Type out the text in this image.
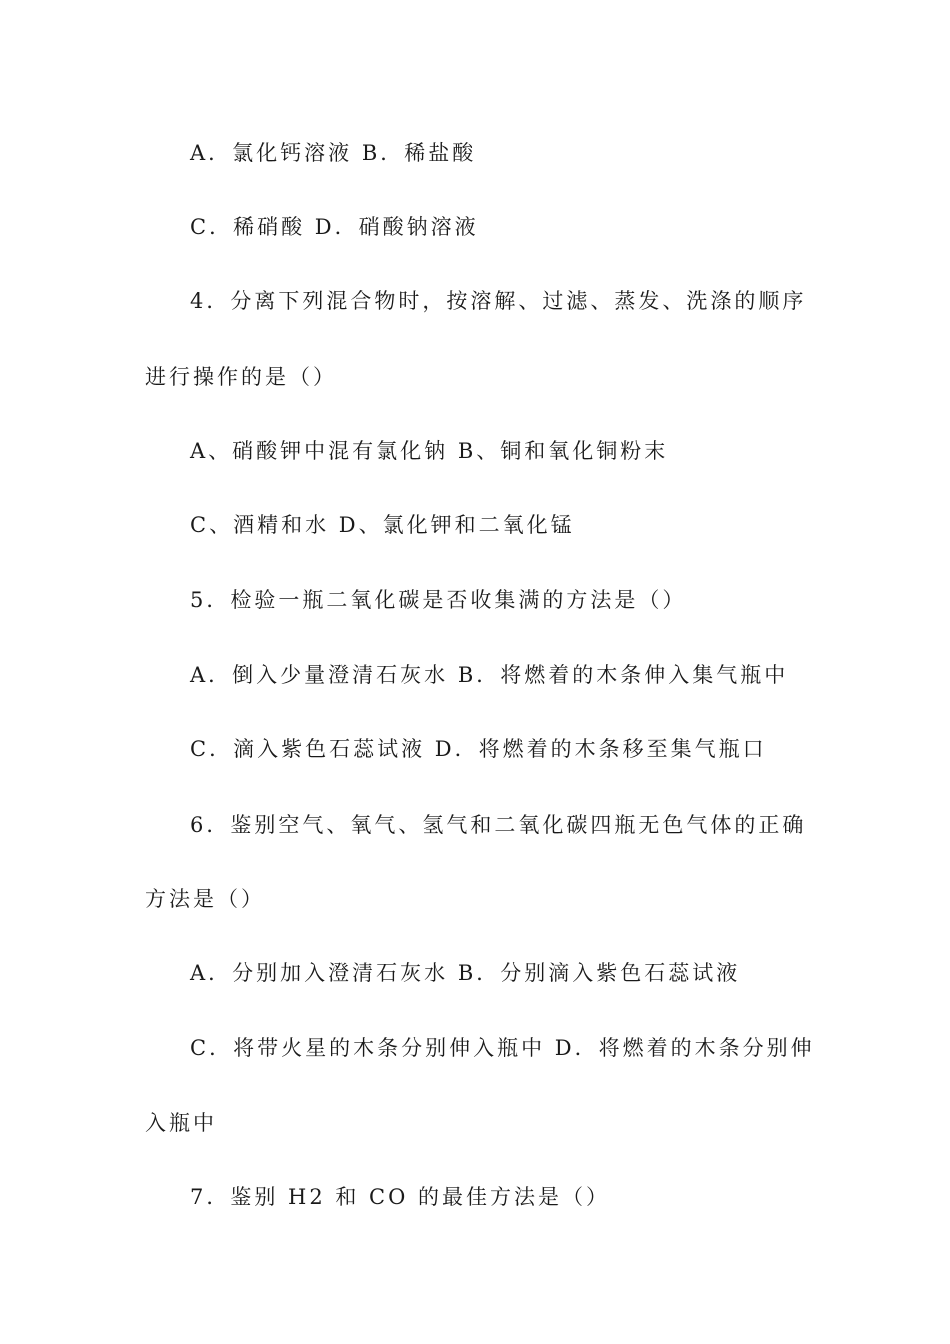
A．氯化钙溶液 B．稀盐酸
C．稀硝酸 D．硝酸钠溶液
4．分离下列混合物时，按溶解、过滤、蒸发、洗涤的顺序
进行操作的是（）
A、硝酸钾中混有氯化钠 B、铜和氧化铜粉末
C、酒精和水 D、氯化钾和二氧化锰
5．检验一瓶二氧化碳是否收集满的方法是（）
A．倒入少量澄清石灰水 B．将燃着的木条伸入集气瓶中
C．滴入紫色石蕊试液 D．将燃着的木条移至集气瓶口
6．鉴别空气、氧气、氢气和二氧化碳四瓶无色气体的正确
方法是（）
A．分别加入澄清石灰水 B．分别滴入紫色石蕊试液
C．将带火星的木条分别伸入瓶中 D．将燃着的木条分别伸
入瓶中
7．鉴别 H2 和 CO 的最佳方法是（）
